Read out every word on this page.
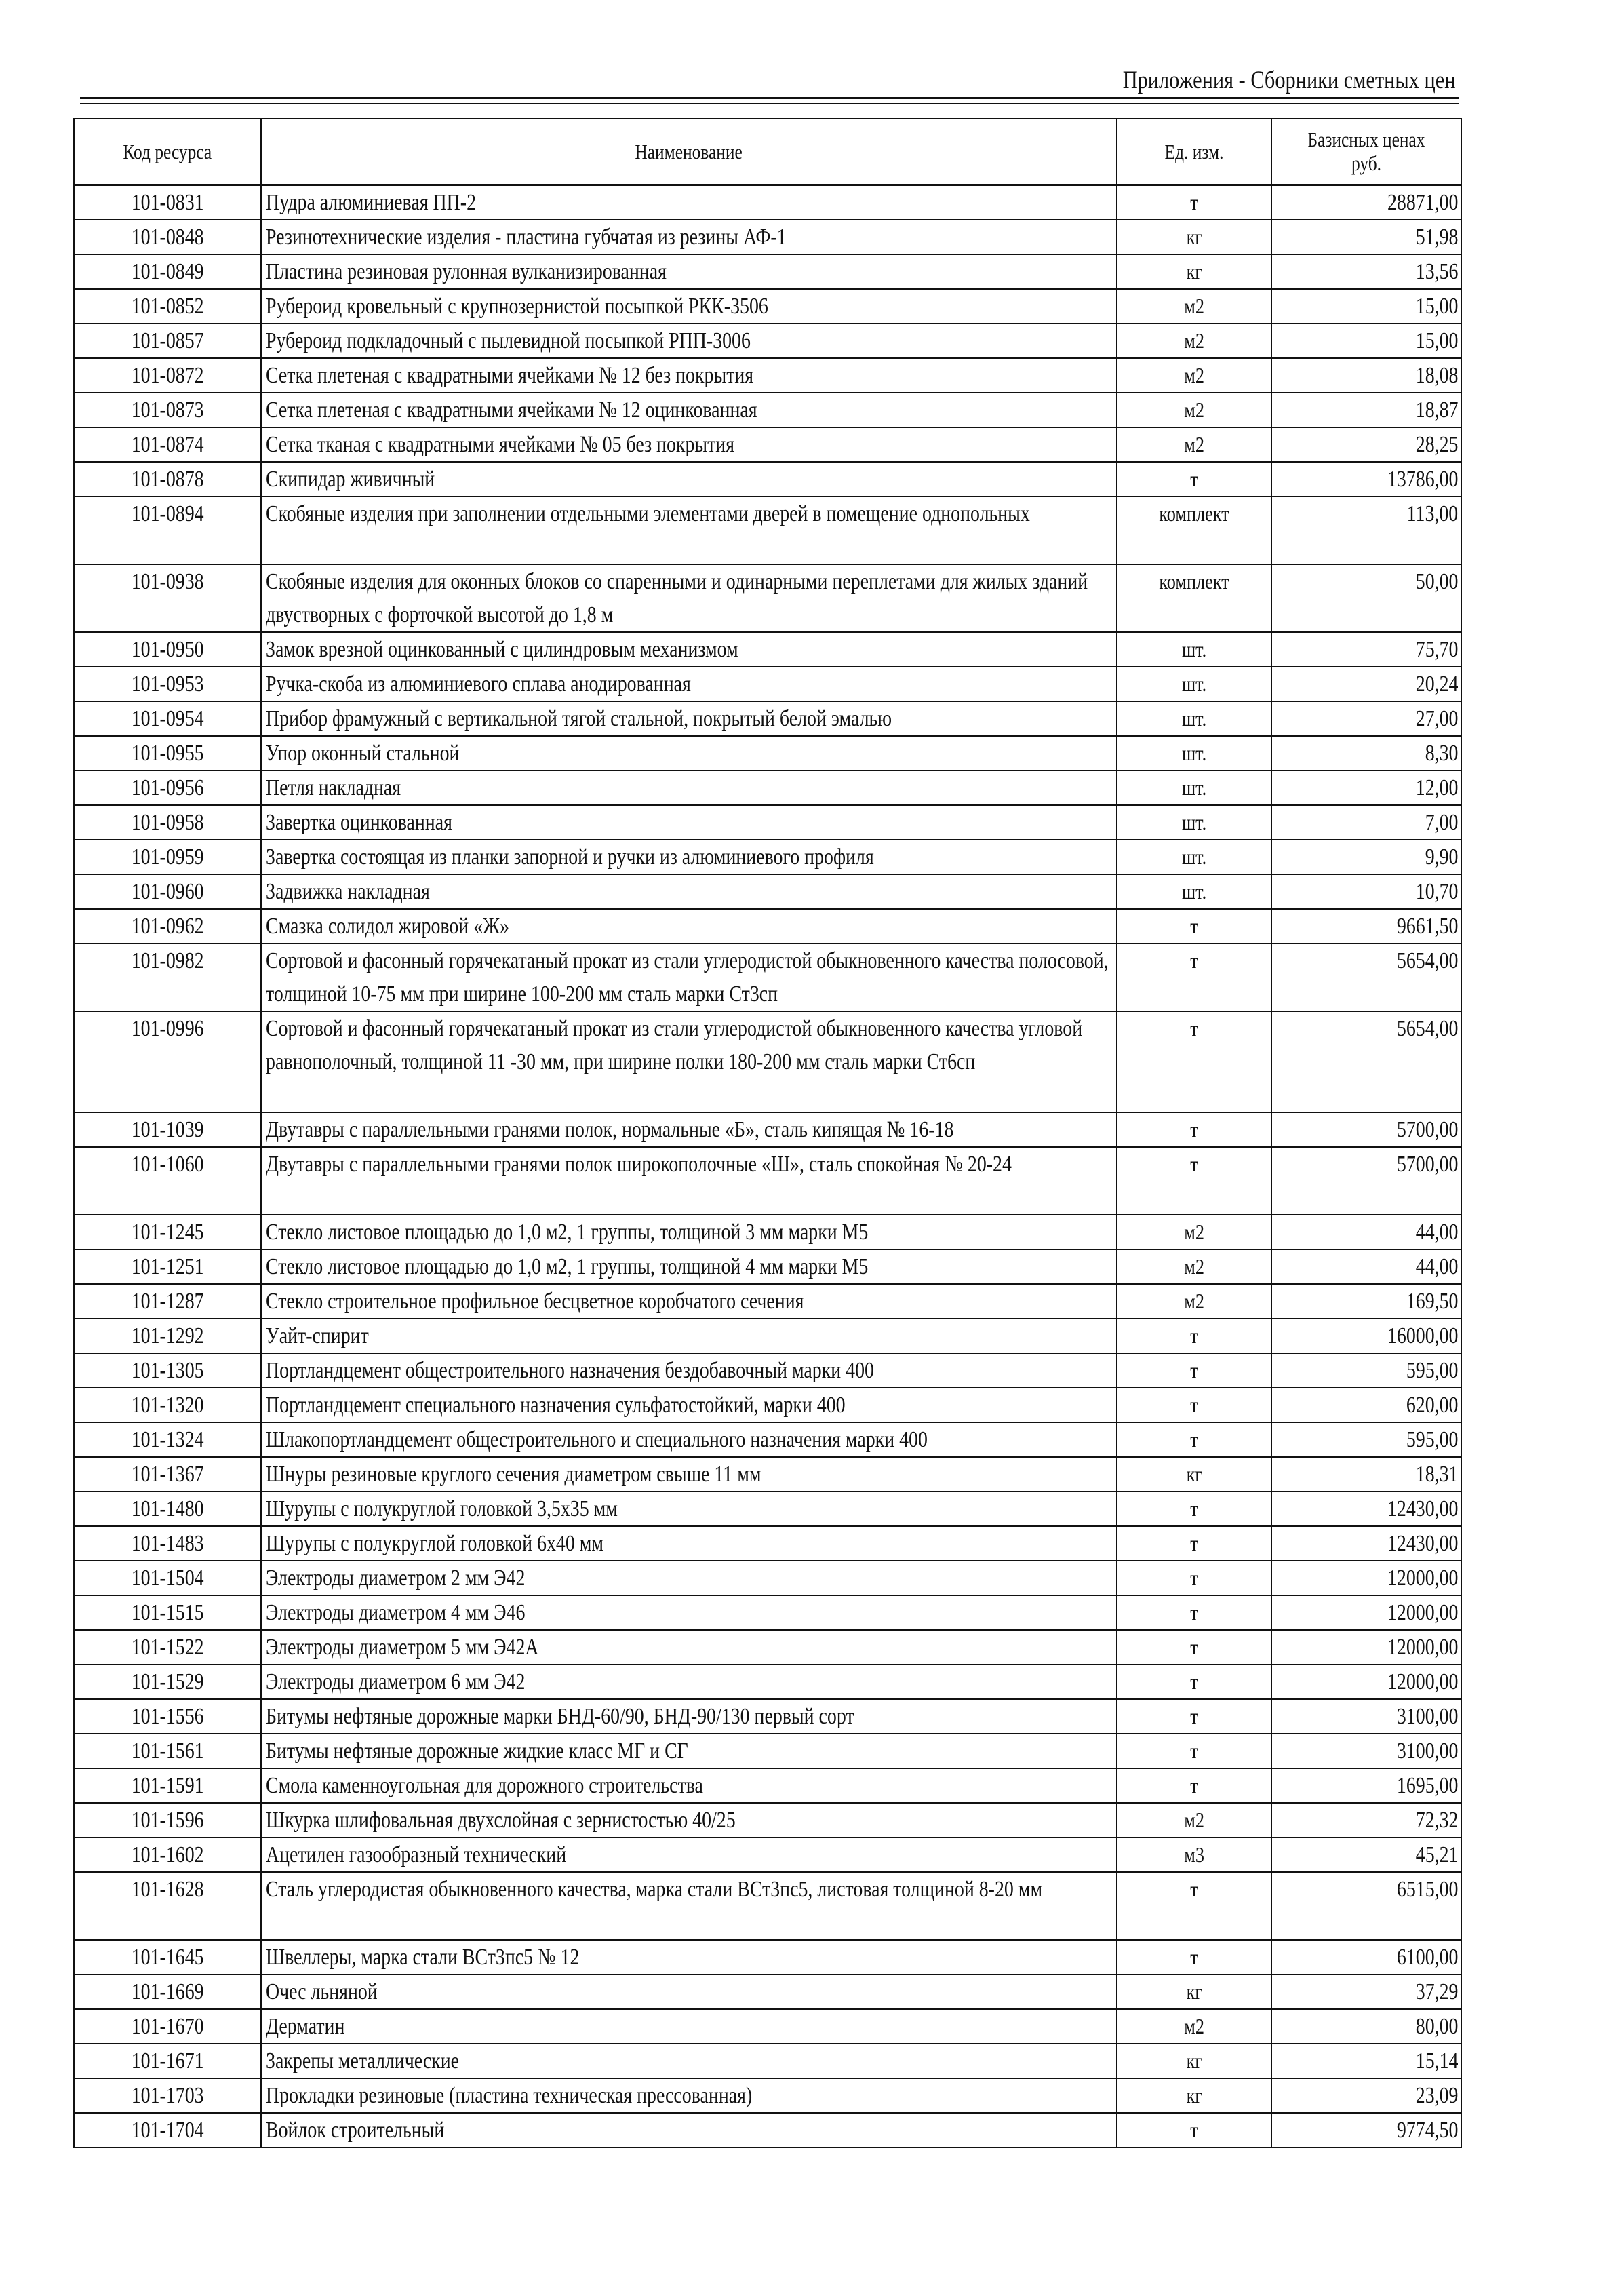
Приложения - Сборники сметных цен
Код ресурса	Наименование	Ед. изм.	Базисных ценах руб.
101-0831	Пудра алюминиевая ПП-2	т	28871,00
101-0848	Резинотехнические изделия - пластина губчатая из резины АФ-1	кг	51,98
101-0849	Пластина резиновая рулонная вулканизированная	кг	13,56
101-0852	Рубероид кровельный с крупнозернистой посыпкой РКК-3506	м2	15,00
101-0857	Рубероид подкладочный с пылевидной посыпкой РПП-3006	м2	15,00
101-0872	Сетка плетеная с квадратными ячейками № 12 без покрытия	м2	18,08
101-0873	Сетка плетеная с квадратными ячейками № 12 оцинкованная	м2	18,87
101-0874	Сетка тканая с квадратными ячейками № 05 без покрытия	м2	28,25
101-0878	Скипидар живичный	т	13786,00
101-0894	Скобяные изделия при заполнении отдельными элементами дверей в помещение однопольных	комплект	113,00
101-0938	Скобяные изделия для оконных блоков со спаренными и одинарными переплетами для жилых зданий двустворных с форточкой высотой до 1,8 м	комплект	50,00
101-0950	Замок врезной оцинкованный с цилиндровым механизмом	шт.	75,70
101-0953	Ручка-скоба из алюминиевого сплава анодированная	шт.	20,24
101-0954	Прибор фрамужный с вертикальной тягой стальной, покрытый белой эмалью	шт.	27,00
101-0955	Упор оконный стальной	шт.	8,30
101-0956	Петля накладная	шт.	12,00
101-0958	Завертка оцинкованная	шт.	7,00
101-0959	Завертка состоящая из планки запорной и ручки из алюминиевого профиля	шт.	9,90
101-0960	Задвижка накладная	шт.	10,70
101-0962	Смазка солидол жировой «Ж»	т	9661,50
101-0982	Сортовой и фасонный горячекатаный прокат из стали углеродистой обыкновенного качества полосовой, толщиной 10-75 мм при ширине 100-200 мм сталь марки Ст3сп	т	5654,00
101-0996	Сортовой и фасонный горячекатаный прокат из стали углеродистой обыкновенного качества угловой равнополочный, толщиной 11 -30 мм, при ширине полки 180-200 мм сталь марки Ст6сп	т	5654,00
101-1039	Двутавры с параллельными гранями полок, нормальные «Б», сталь кипящая № 16-18	т	5700,00
101-1060	Двутавры с параллельными гранями полок широкополочные «Ш», сталь спокойная № 20-24	т	5700,00
101-1245	Стекло листовое площадью до 1,0 м2, 1 группы, толщиной 3 мм марки М5	м2	44,00
101-1251	Стекло листовое площадью до 1,0 м2, 1 группы, толщиной 4 мм марки М5	м2	44,00
101-1287	Стекло строительное профильное бесцветное коробчатого сечения	м2	169,50
101-1292	Уайт-спирит	т	16000,00
101-1305	Портландцемент общестроительного назначения бездобавочный марки 400	т	595,00
101-1320	Портландцемент специального назначения сульфатостойкий, марки 400	т	620,00
101-1324	Шлакопортландцемент общестроительного и специального назначения марки 400	т	595,00
101-1367	Шнуры резиновые круглого сечения диаметром свыше 11 мм	кг	18,31
101-1480	Шурупы с полукруглой головкой 3,5х35 мм	т	12430,00
101-1483	Шурупы с полукруглой головкой 6х40 мм	т	12430,00
101-1504	Электроды диаметром 2 мм Э42	т	12000,00
101-1515	Электроды диаметром 4 мм Э46	т	12000,00
101-1522	Электроды диаметром 5 мм Э42А	т	12000,00
101-1529	Электроды диаметром 6 мм Э42	т	12000,00
101-1556	Битумы нефтяные дорожные марки БНД-60/90, БНД-90/130 первый сорт	т	3100,00
101-1561	Битумы нефтяные дорожные жидкие класс МГ и СГ	т	3100,00
101-1591	Смола каменноугольная для дорожного строительства	т	1695,00
101-1596	Шкурка шлифовальная двухслойная с зернистостью 40/25	м2	72,32
101-1602	Ацетилен газообразный технический	м3	45,21
101-1628	Сталь углеродистая обыкновенного качества, марка стали ВСт3пс5, листовая толщиной 8-20 мм	т	6515,00
101-1645	Швеллеры, марка стали ВСт3пс5 № 12	т	6100,00
101-1669	Очес льняной	кг	37,29
101-1670	Дерматин	м2	80,00
101-1671	Закрепы металлические	кг	15,14
101-1703	Прокладки резиновые (пластина техническая прессованная)	кг	23,09
101-1704	Войлок строительный	т	9774,50
